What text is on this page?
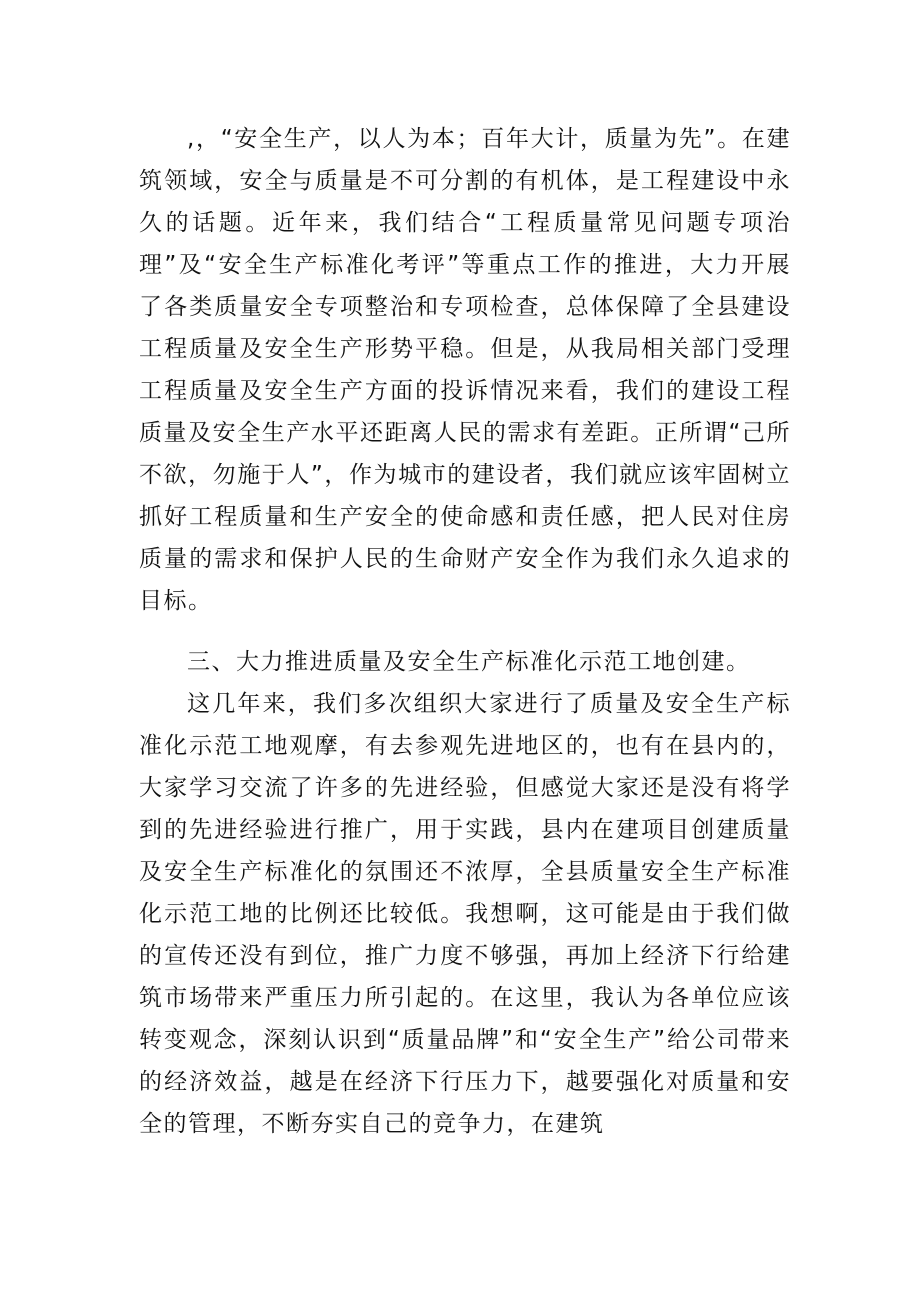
,，“安全生产，以人为本；百年大计，质量为先”。在建筑领域，安全与质量是不可分割的有机体，是工程建设中永久的话题。近年来，我们结合“工程质量常见问题专项治理”及“安全生产标准化考评”等重点工作的推进，大力开展了各类质量安全专项整治和专项检查，总体保障了全县建设工程质量及安全生产形势平稳。但是，从我局相关部门受理工程质量及安全生产方面的投诉情况来看，我们的建设工程质量及安全生产水平还距离人民的需求有差距。正所谓“己所不欲，勿施于人”，作为城市的建设者，我们就应该牢固树立抓好工程质量和生产安全的使命感和责任感，把人民对住房质量的需求和保护人民的生命财产安全作为我们永久追求的目标。

三、大力推进质量及安全生产标准化示范工地创建。

这几年来，我们多次组织大家进行了质量及安全生产标准化示范工地观摩，有去参观先进地区的，也有在县内的，大家学习交流了许多的先进经验，但感觉大家还是没有将学到的先进经验进行推广，用于实践，县内在建项目创建质量及安全生产标准化的氛围还不浓厚，全县质量安全生产标准化示范工地的比例还比较低。我想啊，这可能是由于我们做的宣传还没有到位，推广力度不够强，再加上经济下行给建筑市场带来严重压力所引起的。在这里，我认为各单位应该转变观念，深刻认识到“质量品牌”和“安全生产”给公司带来的经济效益，越是在经济下行压力下，越要强化对质量和安全的管理，不断夯实自己的竞争力，在建筑
